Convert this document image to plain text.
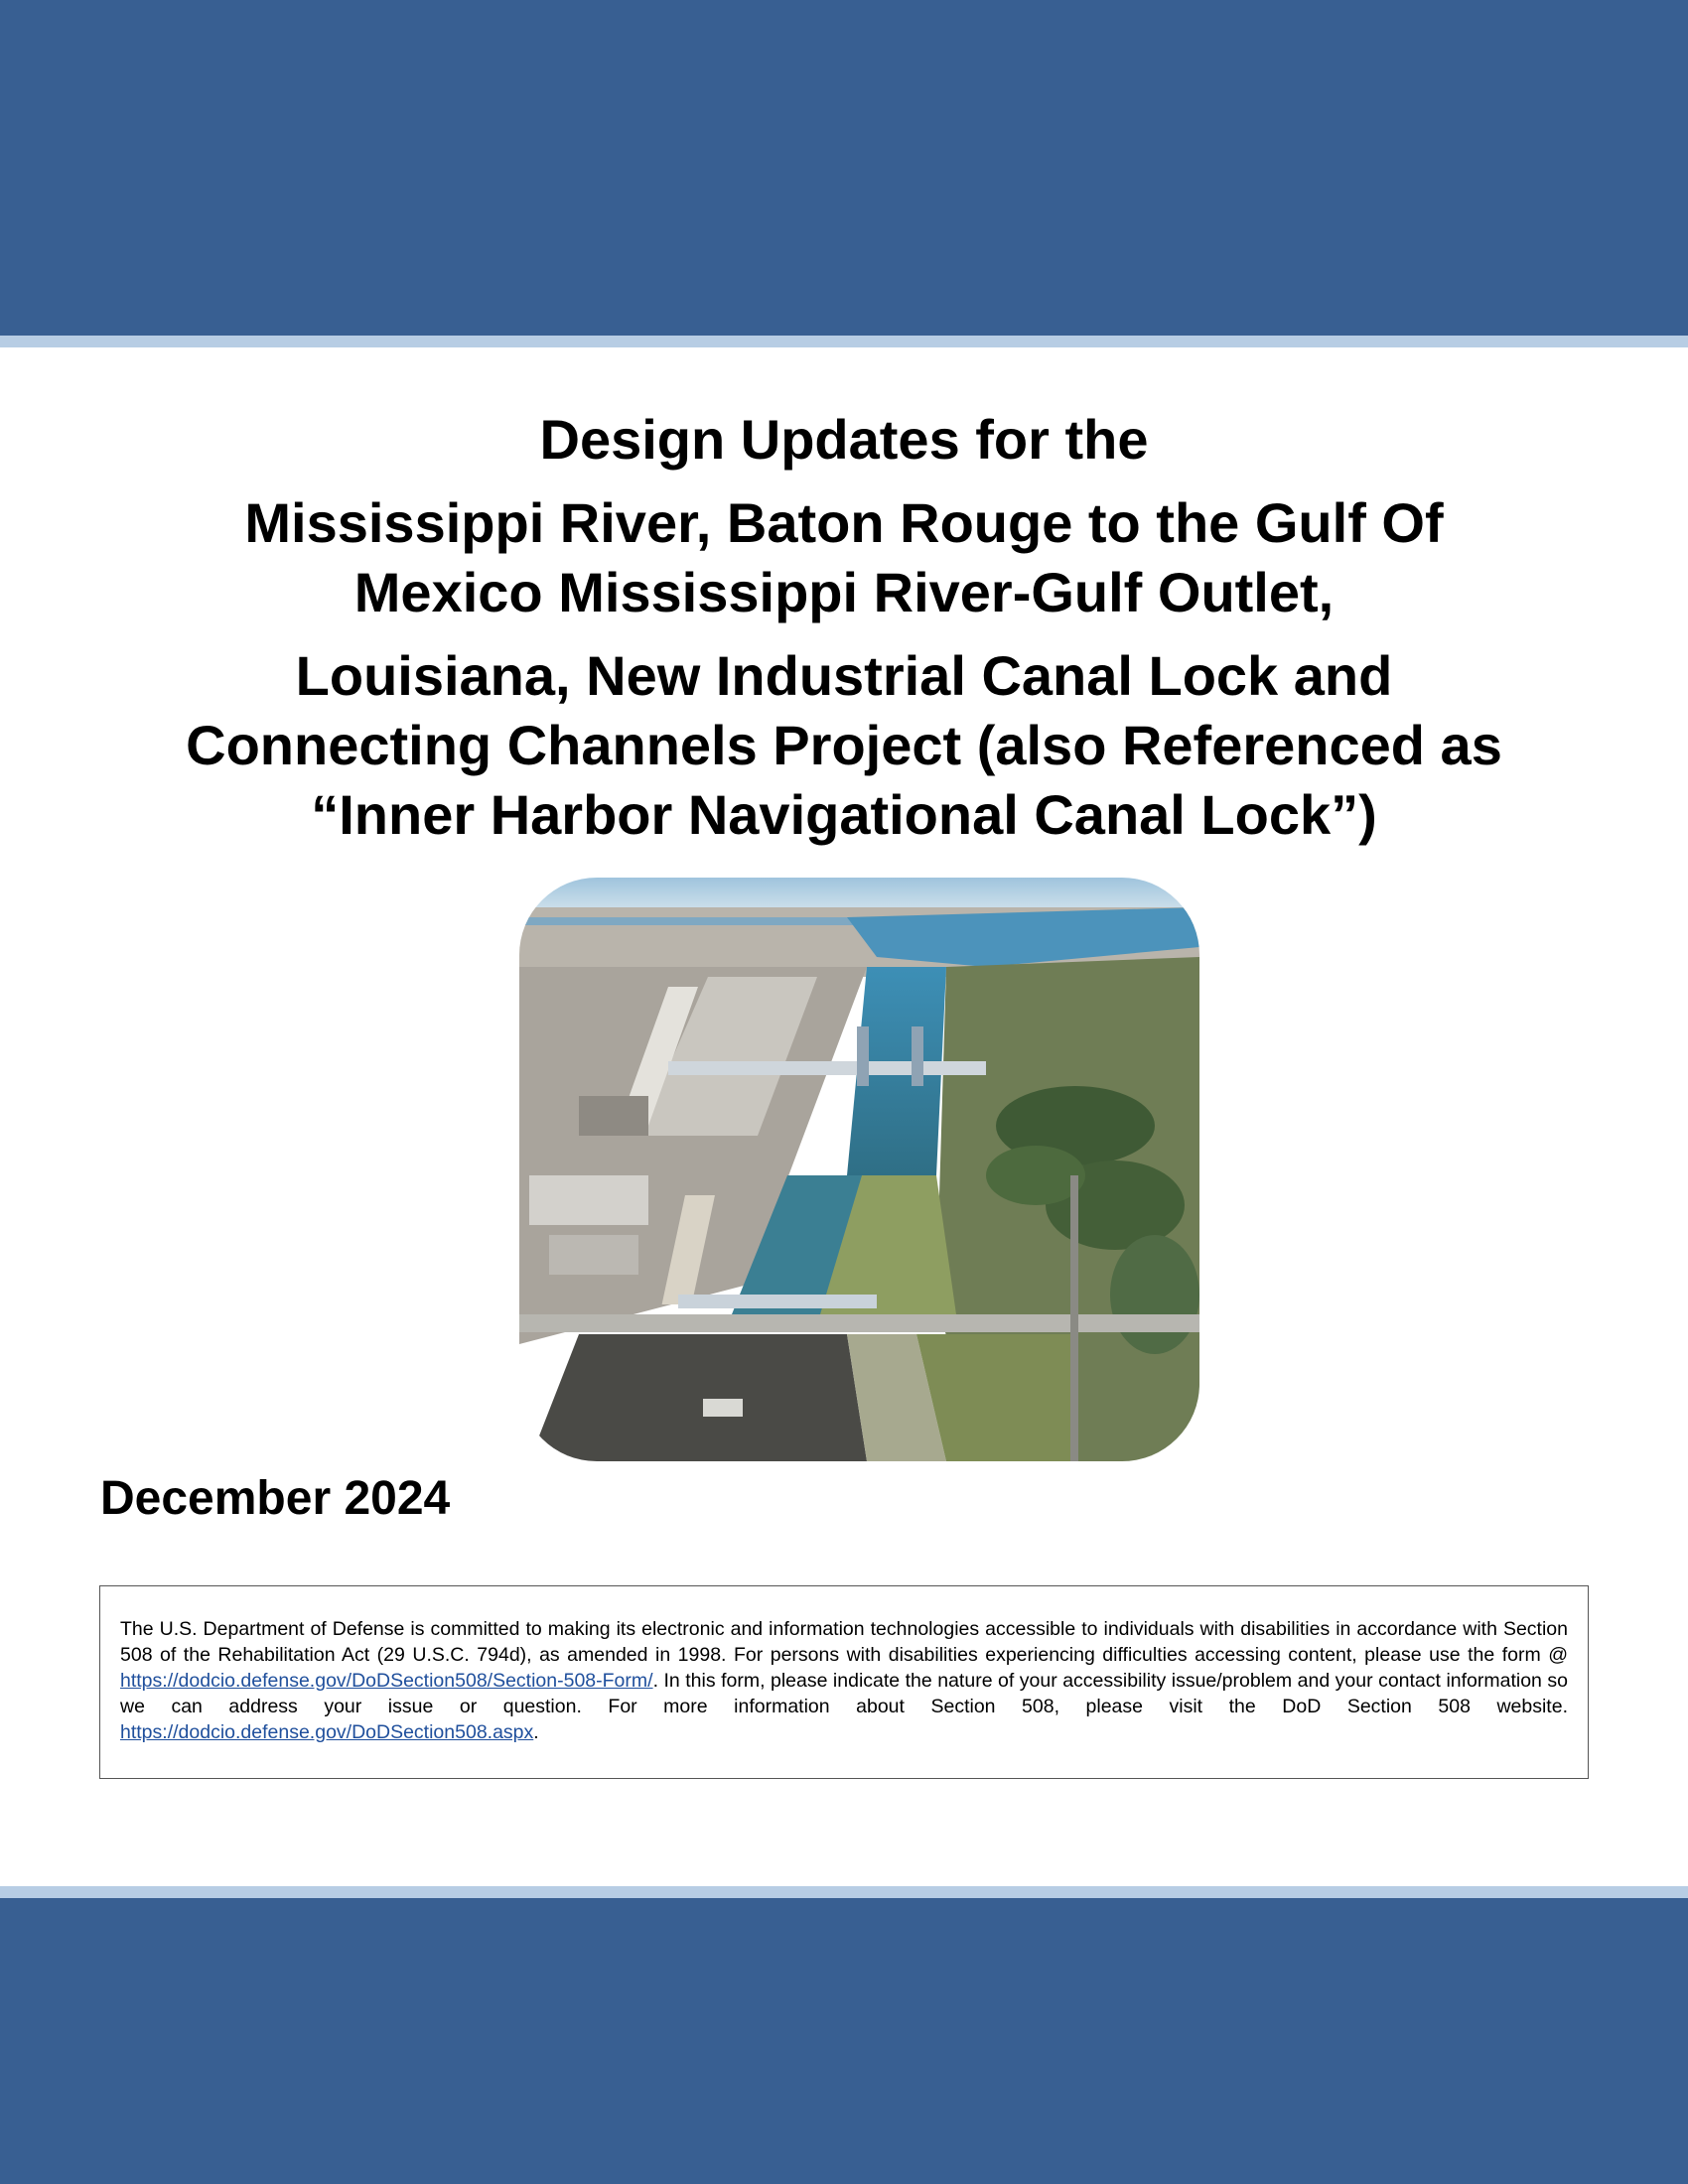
Design Updates for the
Mississippi River, Baton Rouge to the Gulf Of
Mexico Mississippi River-Gulf Outlet,
Louisiana, New Industrial Canal Lock and
Connecting Channels Project (also Referenced as
“Inner Harbor Navigational Canal Lock”)
December 2024
The U.S. Department of Defense is committed to making its electronic and information technologies accessible to individuals with disabilities in accordance with Section 508 of the Rehabilitation Act (29 U.S.C. 794d), as amended in 1998. For persons with disabilities experiencing difficulties accessing content, please use the form @ https://dodcio.defense.gov/DoDSection508/Section-508-Form/. In this form, please indicate the nature of your accessibility issue/problem and your contact information so we can address your issue or question. For more information about Section 508, please visit the DoD Section 508 website. https://dodcio.defense.gov/DoDSection508.aspx.
